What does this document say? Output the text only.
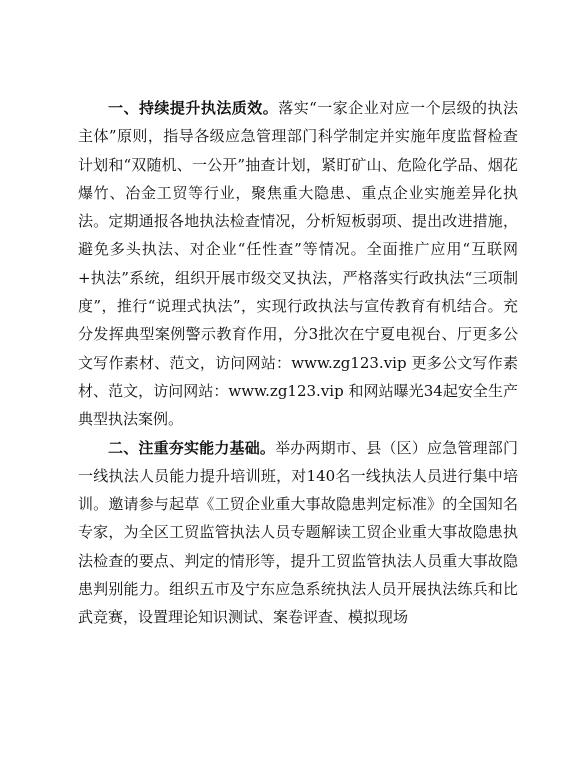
一、持续提升执法质效。落实“一家企业对应一个层级的执法主体”原则，指导各级应急管理部门科学制定并实施年度监督检查计划和“双随机、一公开”抽查计划，紧盯矿山、危险化学品、烟花爆竹、冶金工贸等行业，聚焦重大隐患、重点企业实施差异化执法。定期通报各地执法检查情况，分析短板弱项、提出改进措施，避免多头执法、对企业“任性查”等情况。全面推广应用“互联网+执法”系统，组织开展市级交叉执法，严格落实行政执法“三项制度”，推行“说理式执法”，实现行政执法与宣传教育有机结合。充分发挥典型案例警示教育作用，分3批次在宁夏电视台、厅更多公文写作素材、范文，访问网站：www.zg123.vip 更多公文写作素材、范文，访问网站：www.zg123.vip 和网站曝光34起安全生产典型执法案例。

二、注重夯实能力基础。举办两期市、县（区）应急管理部门一线执法人员能力提升培训班，对140名一线执法人员进行集中培训。邀请参与起草《工贸企业重大事故隐患判定标准》的全国知名专家，为全区工贸监管执法人员专题解读工贸企业重大事故隐患执法检查的要点、判定的情形等，提升工贸监管执法人员重大事故隐患判别能力。组织五市及宁东应急系统执法人员开展执法练兵和比武竞赛，设置理论知识测试、案卷评查、模拟现场
